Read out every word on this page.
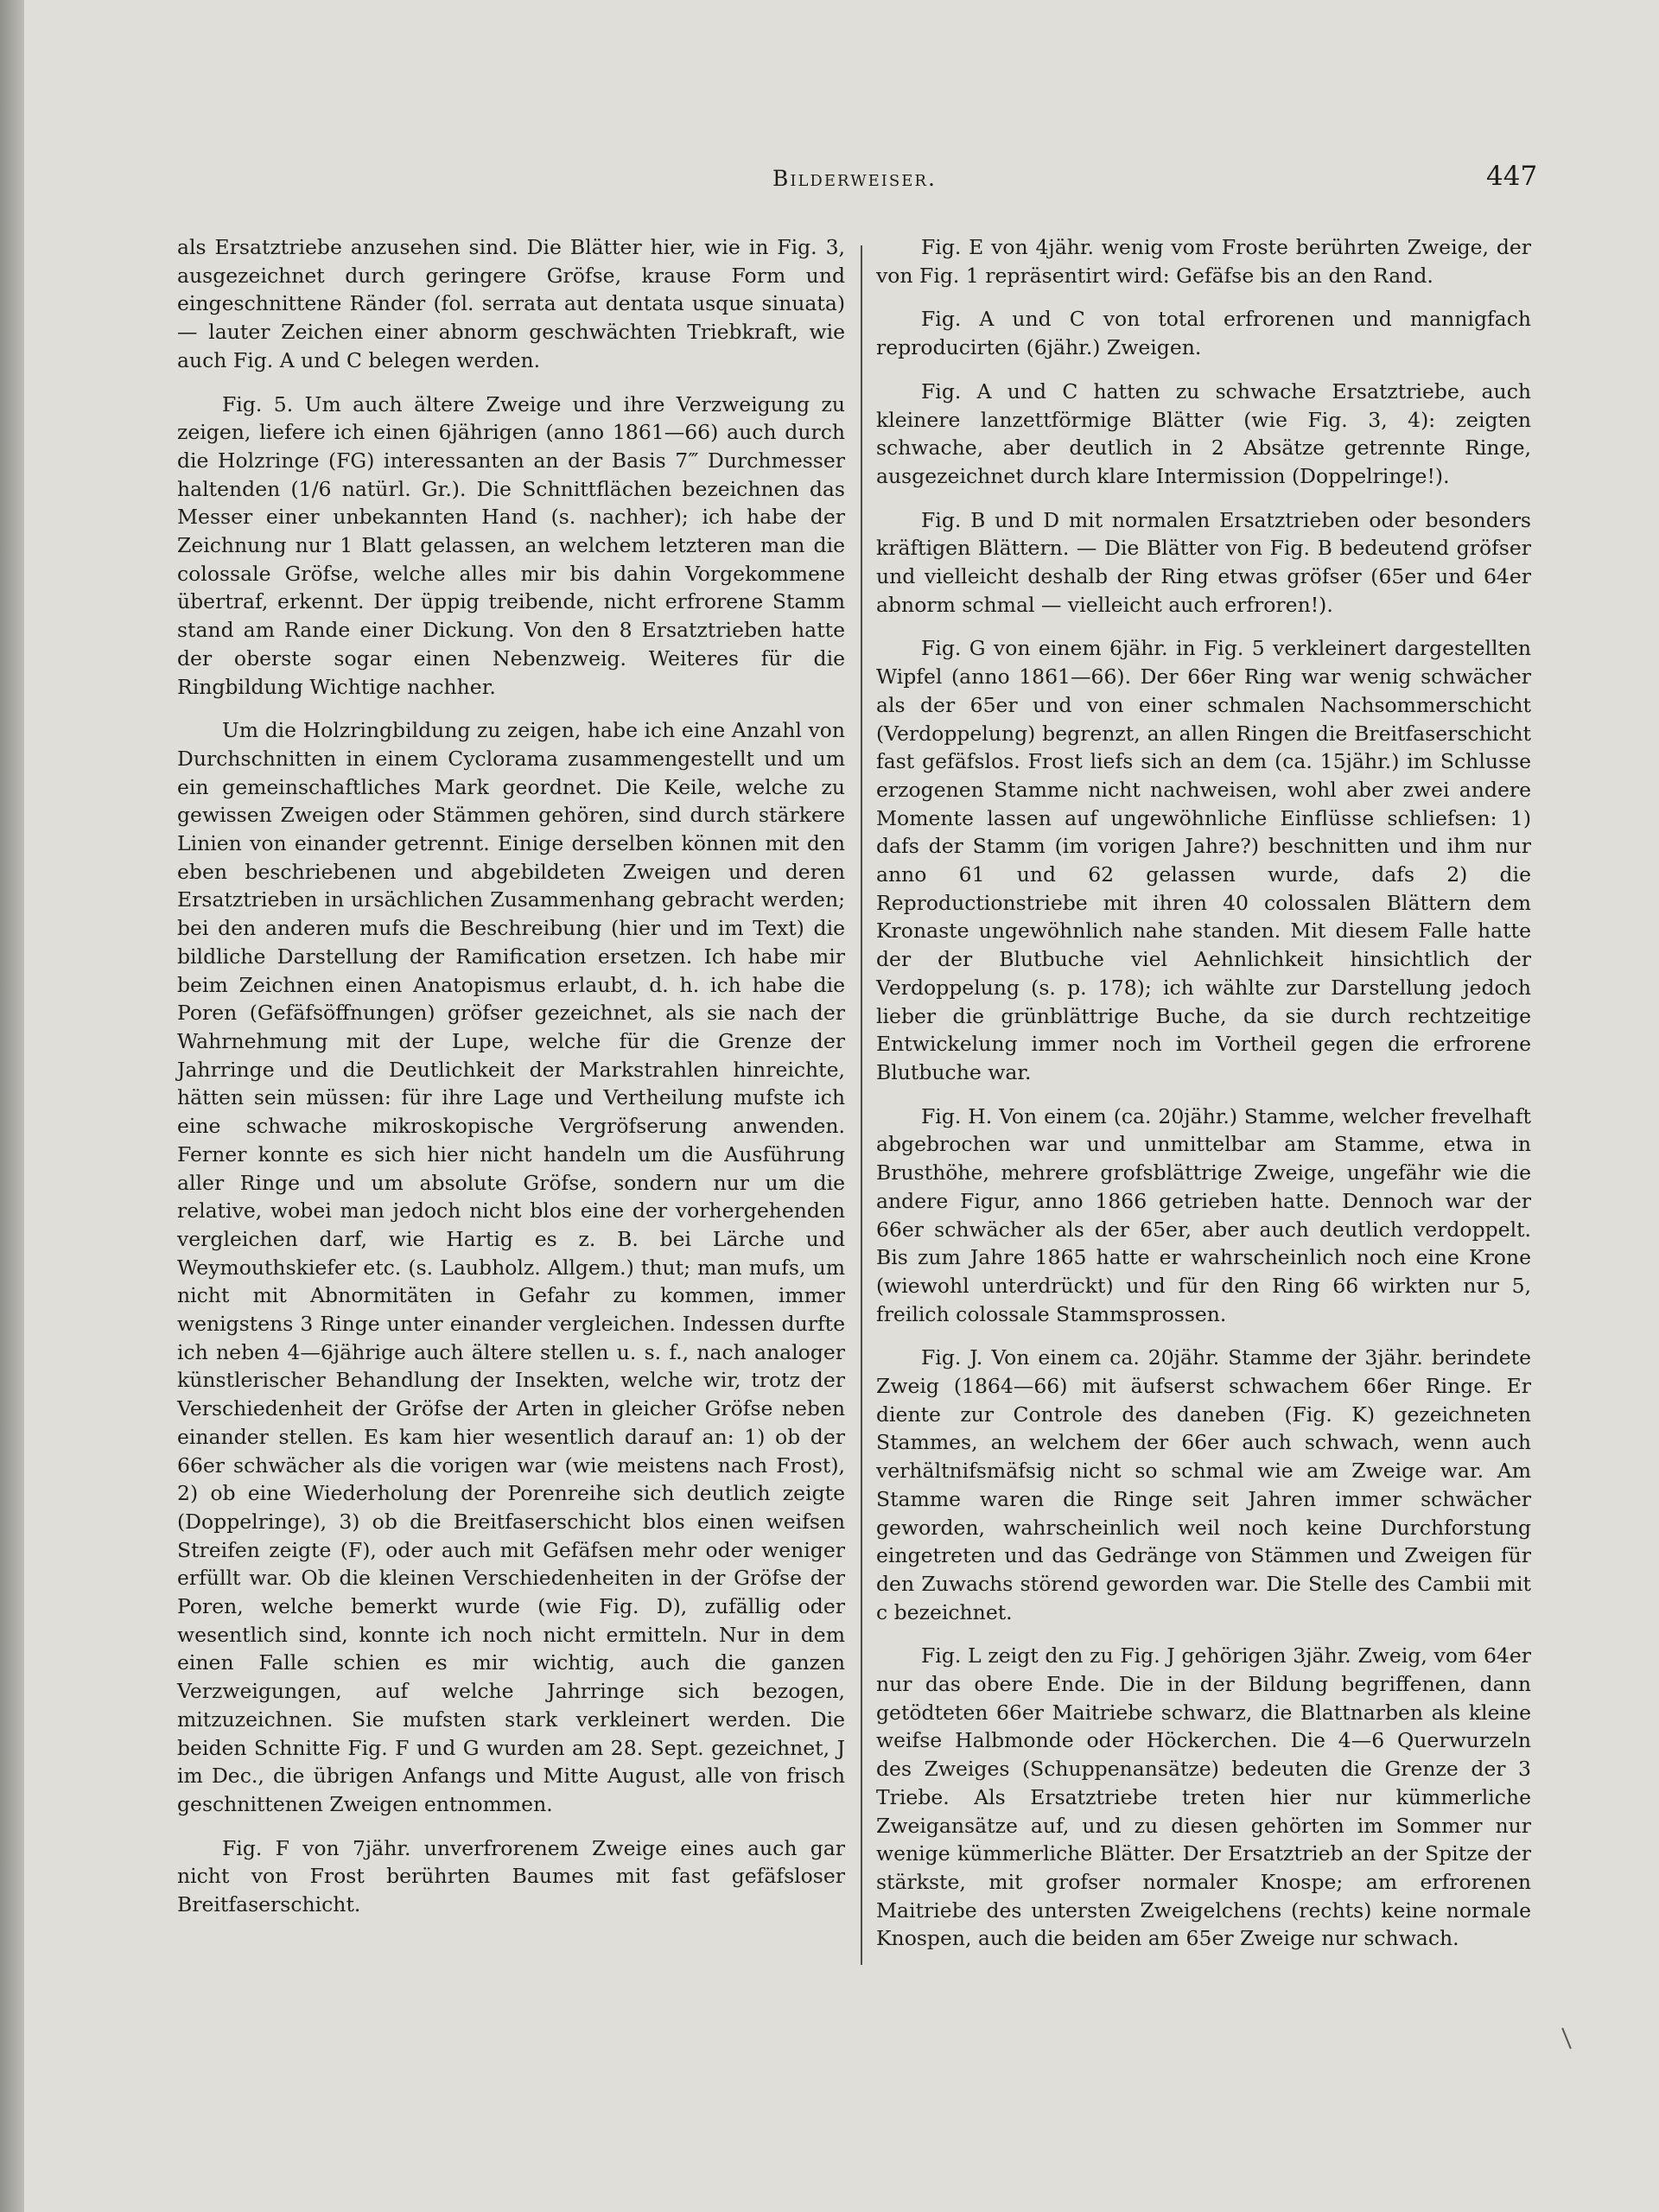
Bilderweiser.	447

als Ersatztriebe anzusehen sind. Die Blätter hier, wie in Fig. 3, ausgezeichnet durch geringere Gröfse, krause Form und eingeschnittene Ränder (fol. serrata aut dentata usque sinuata) — lauter Zeichen einer abnorm geschwächten Triebkraft, wie auch Fig. A und C belegen werden.

Fig. 5. Um auch ältere Zweige und ihre Verzweigung zu zeigen, liefere ich einen 6jährigen (anno 1861—66) auch durch die Holzringe (FG) interessanten an der Basis 7‴ Durchmesser haltenden (1/6 natürl. Gr.). Die Schnittflächen bezeichnen das Messer einer unbekannten Hand (s. nachher); ich habe der Zeichnung nur 1 Blatt gelassen, an welchem letzteren man die colossale Gröfse, welche alles mir bis dahin Vorgekommene übertraf, erkennt. Der üppig treibende, nicht erfrorene Stamm stand am Rande einer Dickung. Von den 8 Ersatztrieben hatte der oberste sogar einen Nebenzweig. Weiteres für die Ringbildung Wichtige nachher.

Um die Holzringbildung zu zeigen, habe ich eine Anzahl von Durchschnitten in einem Cyclorama zusammengestellt und um ein gemeinschaftliches Mark geordnet. Die Keile, welche zu gewissen Zweigen oder Stämmen gehören, sind durch stärkere Linien von einander getrennt. Einige derselben können mit den eben beschriebenen und abgebildeten Zweigen und deren Ersatztrieben in ursächlichen Zusammenhang gebracht werden; bei den anderen mufs die Beschreibung (hier und im Text) die bildliche Darstellung der Ramification ersetzen. Ich habe mir beim Zeichnen einen Anatopismus erlaubt, d. h. ich habe die Poren (Gefäfsöffnungen) gröfser gezeichnet, als sie nach der Wahrnehmung mit der Lupe, welche für die Grenze der Jahrringe und die Deutlichkeit der Markstrahlen hinreichte, hätten sein müssen: für ihre Lage und Vertheilung mufste ich eine schwache mikroskopische Vergröfserung anwenden. Ferner konnte es sich hier nicht handeln um die Ausführung aller Ringe und um absolute Gröfse, sondern nur um die relative, wobei man jedoch nicht blos eine der vorhergehenden vergleichen darf, wie Hartig es z. B. bei Lärche und Weymouthskiefer etc. (s. Laubholz. Allgem.) thut; man mufs, um nicht mit Abnormitäten in Gefahr zu kommen, immer wenigstens 3 Ringe unter einander vergleichen. Indessen durfte ich neben 4—6jährige auch ältere stellen u. s. f., nach analoger künstlerischer Behandlung der Insekten, welche wir, trotz der Verschiedenheit der Gröfse der Arten in gleicher Gröfse neben einander stellen. Es kam hier wesentlich darauf an: 1) ob der 66er schwächer als die vorigen war (wie meistens nach Frost), 2) ob eine Wiederholung der Porenreihe sich deutlich zeigte (Doppelringe), 3) ob die Breitfaserschicht blos einen weifsen Streifen zeigte (F), oder auch mit Gefäfsen mehr oder weniger erfüllt war. Ob die kleinen Verschiedenheiten in der Gröfse der Poren, welche bemerkt wurde (wie Fig. D), zufällig oder wesentlich sind, konnte ich noch nicht ermitteln. Nur in dem einen Falle schien es mir wichtig, auch die ganzen Verzweigungen, auf welche Jahrringe sich bezogen, mitzuzeichnen. Sie mufsten stark verkleinert werden. Die beiden Schnitte Fig. F und G wurden am 28. Sept. gezeichnet, J im Dec., die übrigen Anfangs und Mitte August, alle von frisch geschnittenen Zweigen entnommen.

Fig. F von 7jähr. unverfrorenem Zweige eines auch gar nicht von Frost berührten Baumes mit fast gefäfsloser Breitfaserschicht.

Fig. E von 4jähr. wenig vom Froste berührten Zweige, der von Fig. 1 repräsentirt wird: Gefäfse bis an den Rand.

Fig. A und C von total erfrorenen und mannigfach reproducirten (6jähr.) Zweigen.

Fig. A und C hatten zu schwache Ersatztriebe, auch kleinere lanzettförmige Blätter (wie Fig. 3, 4): zeigten schwache, aber deutlich in 2 Absätze getrennte Ringe, ausgezeichnet durch klare Intermission (Doppelringe!).

Fig. B und D mit normalen Ersatztrieben oder besonders kräftigen Blättern. — Die Blätter von Fig. B bedeutend gröfser und vielleicht deshalb der Ring etwas gröfser (65er und 64er abnorm schmal — vielleicht auch erfroren!).

Fig. G von einem 6jähr. in Fig. 5 verkleinert dargestellten Wipfel (anno 1861—66). Der 66er Ring war wenig schwächer als der 65er und von einer schmalen Nachsommerschicht (Verdoppelung) begrenzt, an allen Ringen die Breitfaserschicht fast gefäfslos. Frost liefs sich an dem (ca. 15jähr.) im Schlusse erzogenen Stamme nicht nachweisen, wohl aber zwei andere Momente lassen auf ungewöhnliche Einflüsse schliefsen: 1) dafs der Stamm (im vorigen Jahre?) beschnitten und ihm nur anno 61 und 62 gelassen wurde, dafs 2) die Reproductionstriebe mit ihren 40 colossalen Blättern dem Kronaste ungewöhnlich nahe standen. Mit diesem Falle hatte der der Blutbuche viel Aehnlichkeit hinsichtlich der Verdoppelung (s. p. 178); ich wählte zur Darstellung jedoch lieber die grünblättrige Buche, da sie durch rechtzeitige Entwickelung immer noch im Vortheil gegen die erfrorene Blutbuche war.

Fig. H. Von einem (ca. 20jähr.) Stamme, welcher frevelhaft abgebrochen war und unmittelbar am Stamme, etwa in Brusthöhe, mehrere grofsblättrige Zweige, ungefähr wie die andere Figur, anno 1866 getrieben hatte. Dennoch war der 66er schwächer als der 65er, aber auch deutlich verdoppelt. Bis zum Jahre 1865 hatte er wahrscheinlich noch eine Krone (wiewohl unterdrückt) und für den Ring 66 wirkten nur 5, freilich colossale Stammsprossen.

Fig. J. Von einem ca. 20jähr. Stamme der 3jähr. berindete Zweig (1864—66) mit äufserst schwachem 66er Ringe. Er diente zur Controle des daneben (Fig. K) gezeichneten Stammes, an welchem der 66er auch schwach, wenn auch verhältnifsmäfsig nicht so schmal wie am Zweige war. Am Stamme waren die Ringe seit Jahren immer schwächer geworden, wahrscheinlich weil noch keine Durchforstung eingetreten und das Gedränge von Stämmen und Zweigen für den Zuwachs störend geworden war. Die Stelle des Cambii mit c bezeichnet.

Fig. L zeigt den zu Fig. J gehörigen 3jähr. Zweig, vom 64er nur das obere Ende. Die in der Bildung begriffenen, dann getödteten 66er Maitriebe schwarz, die Blattnarben als kleine weifse Halbmonde oder Höckerchen. Die 4—6 Querwurzeln des Zweiges (Schuppenansätze) bedeuten die Grenze der 3 Triebe. Als Ersatztriebe treten hier nur kümmerliche Zweigansätze auf, und zu diesen gehörten im Sommer nur wenige kümmerliche Blätter. Der Ersatztrieb an der Spitze der stärkste, mit grofser normaler Knospe; am erfrorenen Maitriebe des untersten Zweigelchens (rechts) keine normale Knospen, auch die beiden am 65er Zweige nur schwach.
